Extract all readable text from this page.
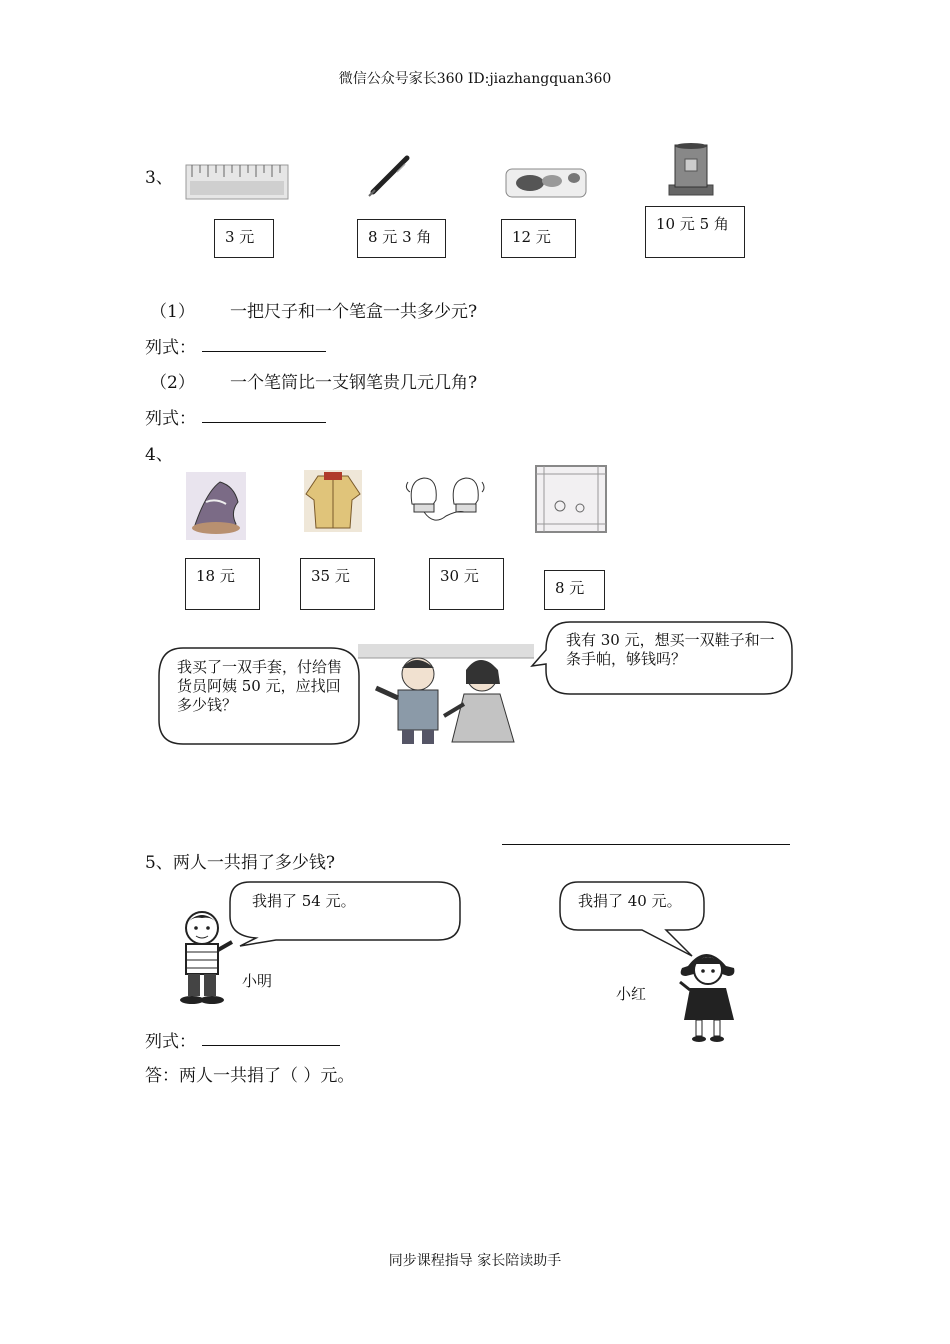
微信公众号家长360 ID:jiazhangquan360
3、
3 元	8 元 3 角	12 元
10 元 5 角
（1） 一把尺子和一个笔盒一共多少元?
列式：
（2） 一个笔筒比一支钢笔贵几元几角?
列式：
4、
18 元	35 元	30 元
8 元
我买了一双手套，付给售货员阿姨 50 元，应找回多少钱？
我有 30 元，想买一双鞋子和一条手帕，够钱吗？
5、两人一共捐了多少钱?
我捐了 54 元。	我捐了 40 元。
小明
小红
列式：
答：两人一共捐了（ ）元。
同步课程指导 家长陪读助手
